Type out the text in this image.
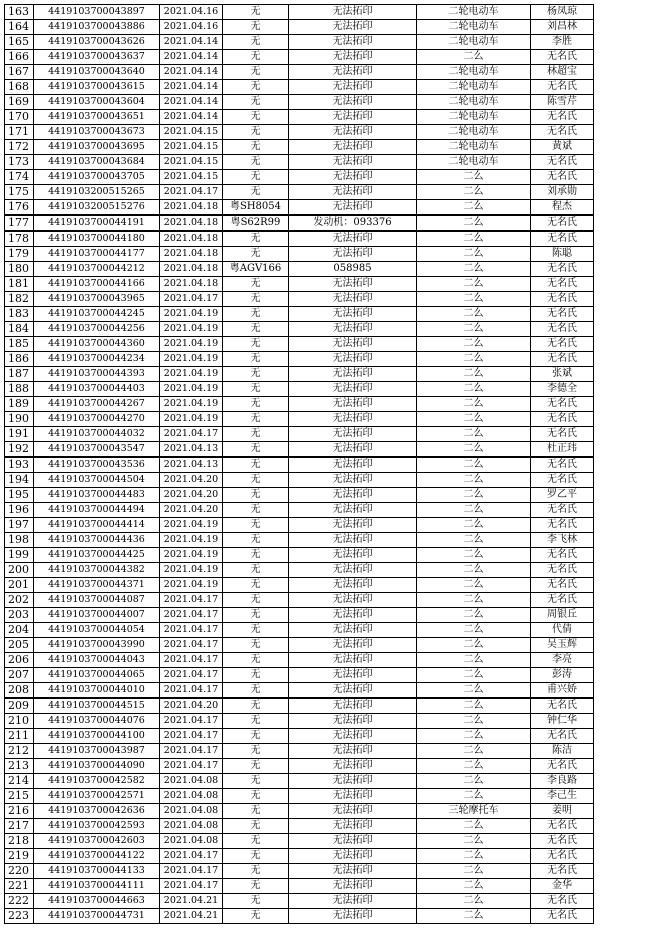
163	4419103700043897	2021.04.16	无	无法拓印	二轮电动车	杨凤琼
164	4419103700043886	2021.04.16	无	无法拓印	二轮电动车	刘昌林
165	4419103700043626	2021.04.14	无	无法拓印	二轮电动车	李胜
166	4419103700043637	2021.04.14	无	无法拓印	二么	无名氏
167	4419103700043640	2021.04.14	无	无法拓印	二轮电动车	林超宝
168	4419103700043615	2021.04.14	无	无法拓印	二轮电动车	无名氏
169	4419103700043604	2021.04.14	无	无法拓印	二轮电动车	陈雪芹
170	4419103700043651	2021.04.14	无	无法拓印	二轮电动车	无名氏
171	4419103700043673	2021.04.15	无	无法拓印	二轮电动车	无名氏
172	4419103700043695	2021.04.15	无	无法拓印	二轮电动车	黄斌
173	4419103700043684	2021.04.15	无	无法拓印	二轮电动车	无名氏
174	4419103700043705	2021.04.15	无	无法拓印	二么	无名氏
175	4419103200515265	2021.04.17	无	无法拓印	二么	刘承勋
176	4419103200515276	2021.04.18	粤SH8054	无法拓印	二么	程杰
177	4419103700044191	2021.04.18	粤S62R99	发动机：093376	二么	无名氏
178	4419103700044180	2021.04.18	无	无法拓印	二么	无名氏
179	4419103700044177	2021.04.18	无	无法拓印	二么	陈聪
180	4419103700044212	2021.04.18	粤AGV166	058985	二么	无名氏
181	4419103700044166	2021.04.18	无	无法拓印	二么	无名氏
182	4419103700043965	2021.04.17	无	无法拓印	二么	无名氏
183	4419103700044245	2021.04.19	无	无法拓印	二么	无名氏
184	4419103700044256	2021.04.19	无	无法拓印	二么	无名氏
185	4419103700044360	2021.04.19	无	无法拓印	二么	无名氏
186	4419103700044234	2021.04.19	无	无法拓印	二么	无名氏
187	4419103700044393	2021.04.19	无	无法拓印	二么	张斌
188	4419103700044403	2021.04.19	无	无法拓印	二么	李德全
189	4419103700044267	2021.04.19	无	无法拓印	二么	无名氏
190	4419103700044270	2021.04.19	无	无法拓印	二么	无名氏
191	4419103700044032	2021.04.17	无	无法拓印	二么	无名氏
192	4419103700043547	2021.04.13	无	无法拓印	二么	杜正玮
193	4419103700043536	2021.04.13	无	无法拓印	二么	无名氏
194	4419103700044504	2021.04.20	无	无法拓印	二么	无名氏
195	4419103700044483	2021.04.20	无	无法拓印	二么	罗乙平
196	4419103700044494	2021.04.20	无	无法拓印	二么	无名氏
197	4419103700044414	2021.04.19	无	无法拓印	二么	无名氏
198	4419103700044436	2021.04.19	无	无法拓印	二么	李飞林
199	4419103700044425	2021.04.19	无	无法拓印	二么	无名氏
200	4419103700044382	2021.04.19	无	无法拓印	二么	无名氏
201	4419103700044371	2021.04.19	无	无法拓印	二么	无名氏
202	4419103700044087	2021.04.17	无	无法拓印	二么	无名氏
203	4419103700044007	2021.04.17	无	无法拓印	二么	周银丘
204	4419103700044054	2021.04.17	无	无法拓印	二么	代倩
205	4419103700043990	2021.04.17	无	无法拓印	二么	吴玉辉
206	4419103700044043	2021.04.17	无	无法拓印	二么	李亮
207	4419103700044065	2021.04.17	无	无法拓印	二么	彭涛
208	4419103700044010	2021.04.17	无	无法拓印	二么	甫兴娇
209	4419103700044515	2021.04.20	无	无法拓印	二么	无名氏
210	4419103700044076	2021.04.17	无	无法拓印	二么	钟仁华
211	4419103700044100	2021.04.17	无	无法拓印	二么	无名氏
212	4419103700043987	2021.04.17	无	无法拓印	二么	陈洁
213	4419103700044090	2021.04.17	无	无法拓印	二么	无名氏
214	4419103700042582	2021.04.08	无	无法拓印	二么	李良路
215	4419103700042571	2021.04.08	无	无法拓印	二么	李己生
216	4419103700042636	2021.04.08	无	无法拓印	三轮摩托车	姜明
217	4419103700042593	2021.04.08	无	无法拓印	二么	无名氏
218	4419103700042603	2021.04.08	无	无法拓印	二么	无名氏
219	4419103700044122	2021.04.17	无	无法拓印	二么	无名氏
220	4419103700044133	2021.04.17	无	无法拓印	二么	无名氏
221	4419103700044111	2021.04.17	无	无法拓印	二么	金华
222	4419103700044663	2021.04.21	无	无法拓印	二么	无名氏
223	4419103700044731	2021.04.21	无	无法拓印	二么	无名氏
